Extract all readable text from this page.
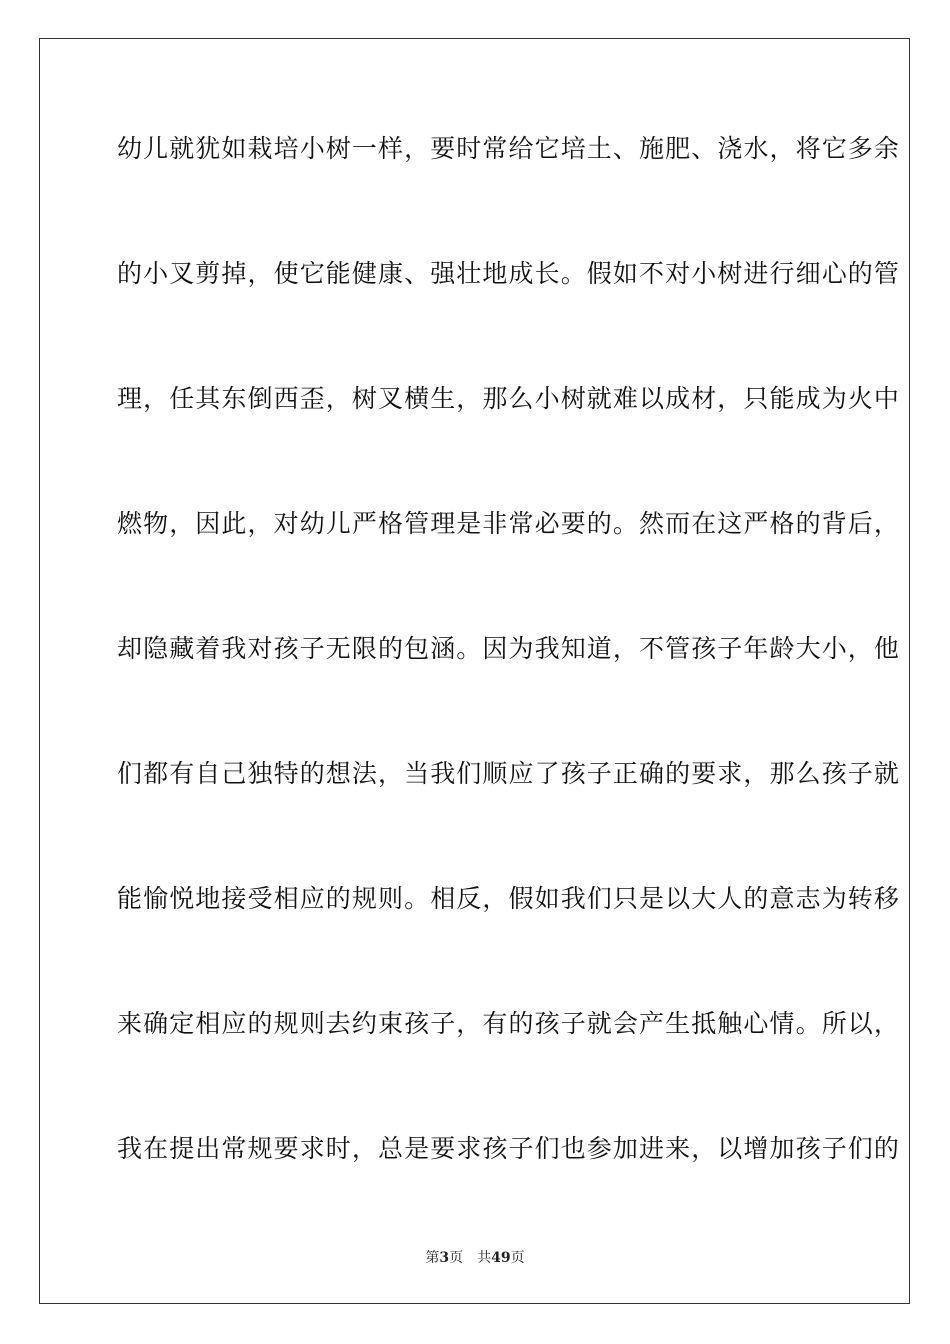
幼儿就犹如栽培小树一样，要时常给它培土、施肥、浇水，将它多余
的小叉剪掉，使它能健康、强壮地成长。假如不对小树进行细心的管
理，任其东倒西歪，树叉横生，那么小树就难以成材，只能成为火中
燃物，因此，对幼儿严格管理是非常必要的。然而在这严格的背后，
却隐藏着我对孩子无限的包涵。因为我知道，不管孩子年龄大小，他
们都有自己独特的想法，当我们顺应了孩子正确的要求，那么孩子就
能愉悦地接受相应的规则。相反，假如我们只是以大人的意志为转移
来确定相应的规则去约束孩子，有的孩子就会产生抵触心情。所以，
我在提出常规要求时，总是要求孩子们也参加进来，以增加孩子们的
第3页 共49页
